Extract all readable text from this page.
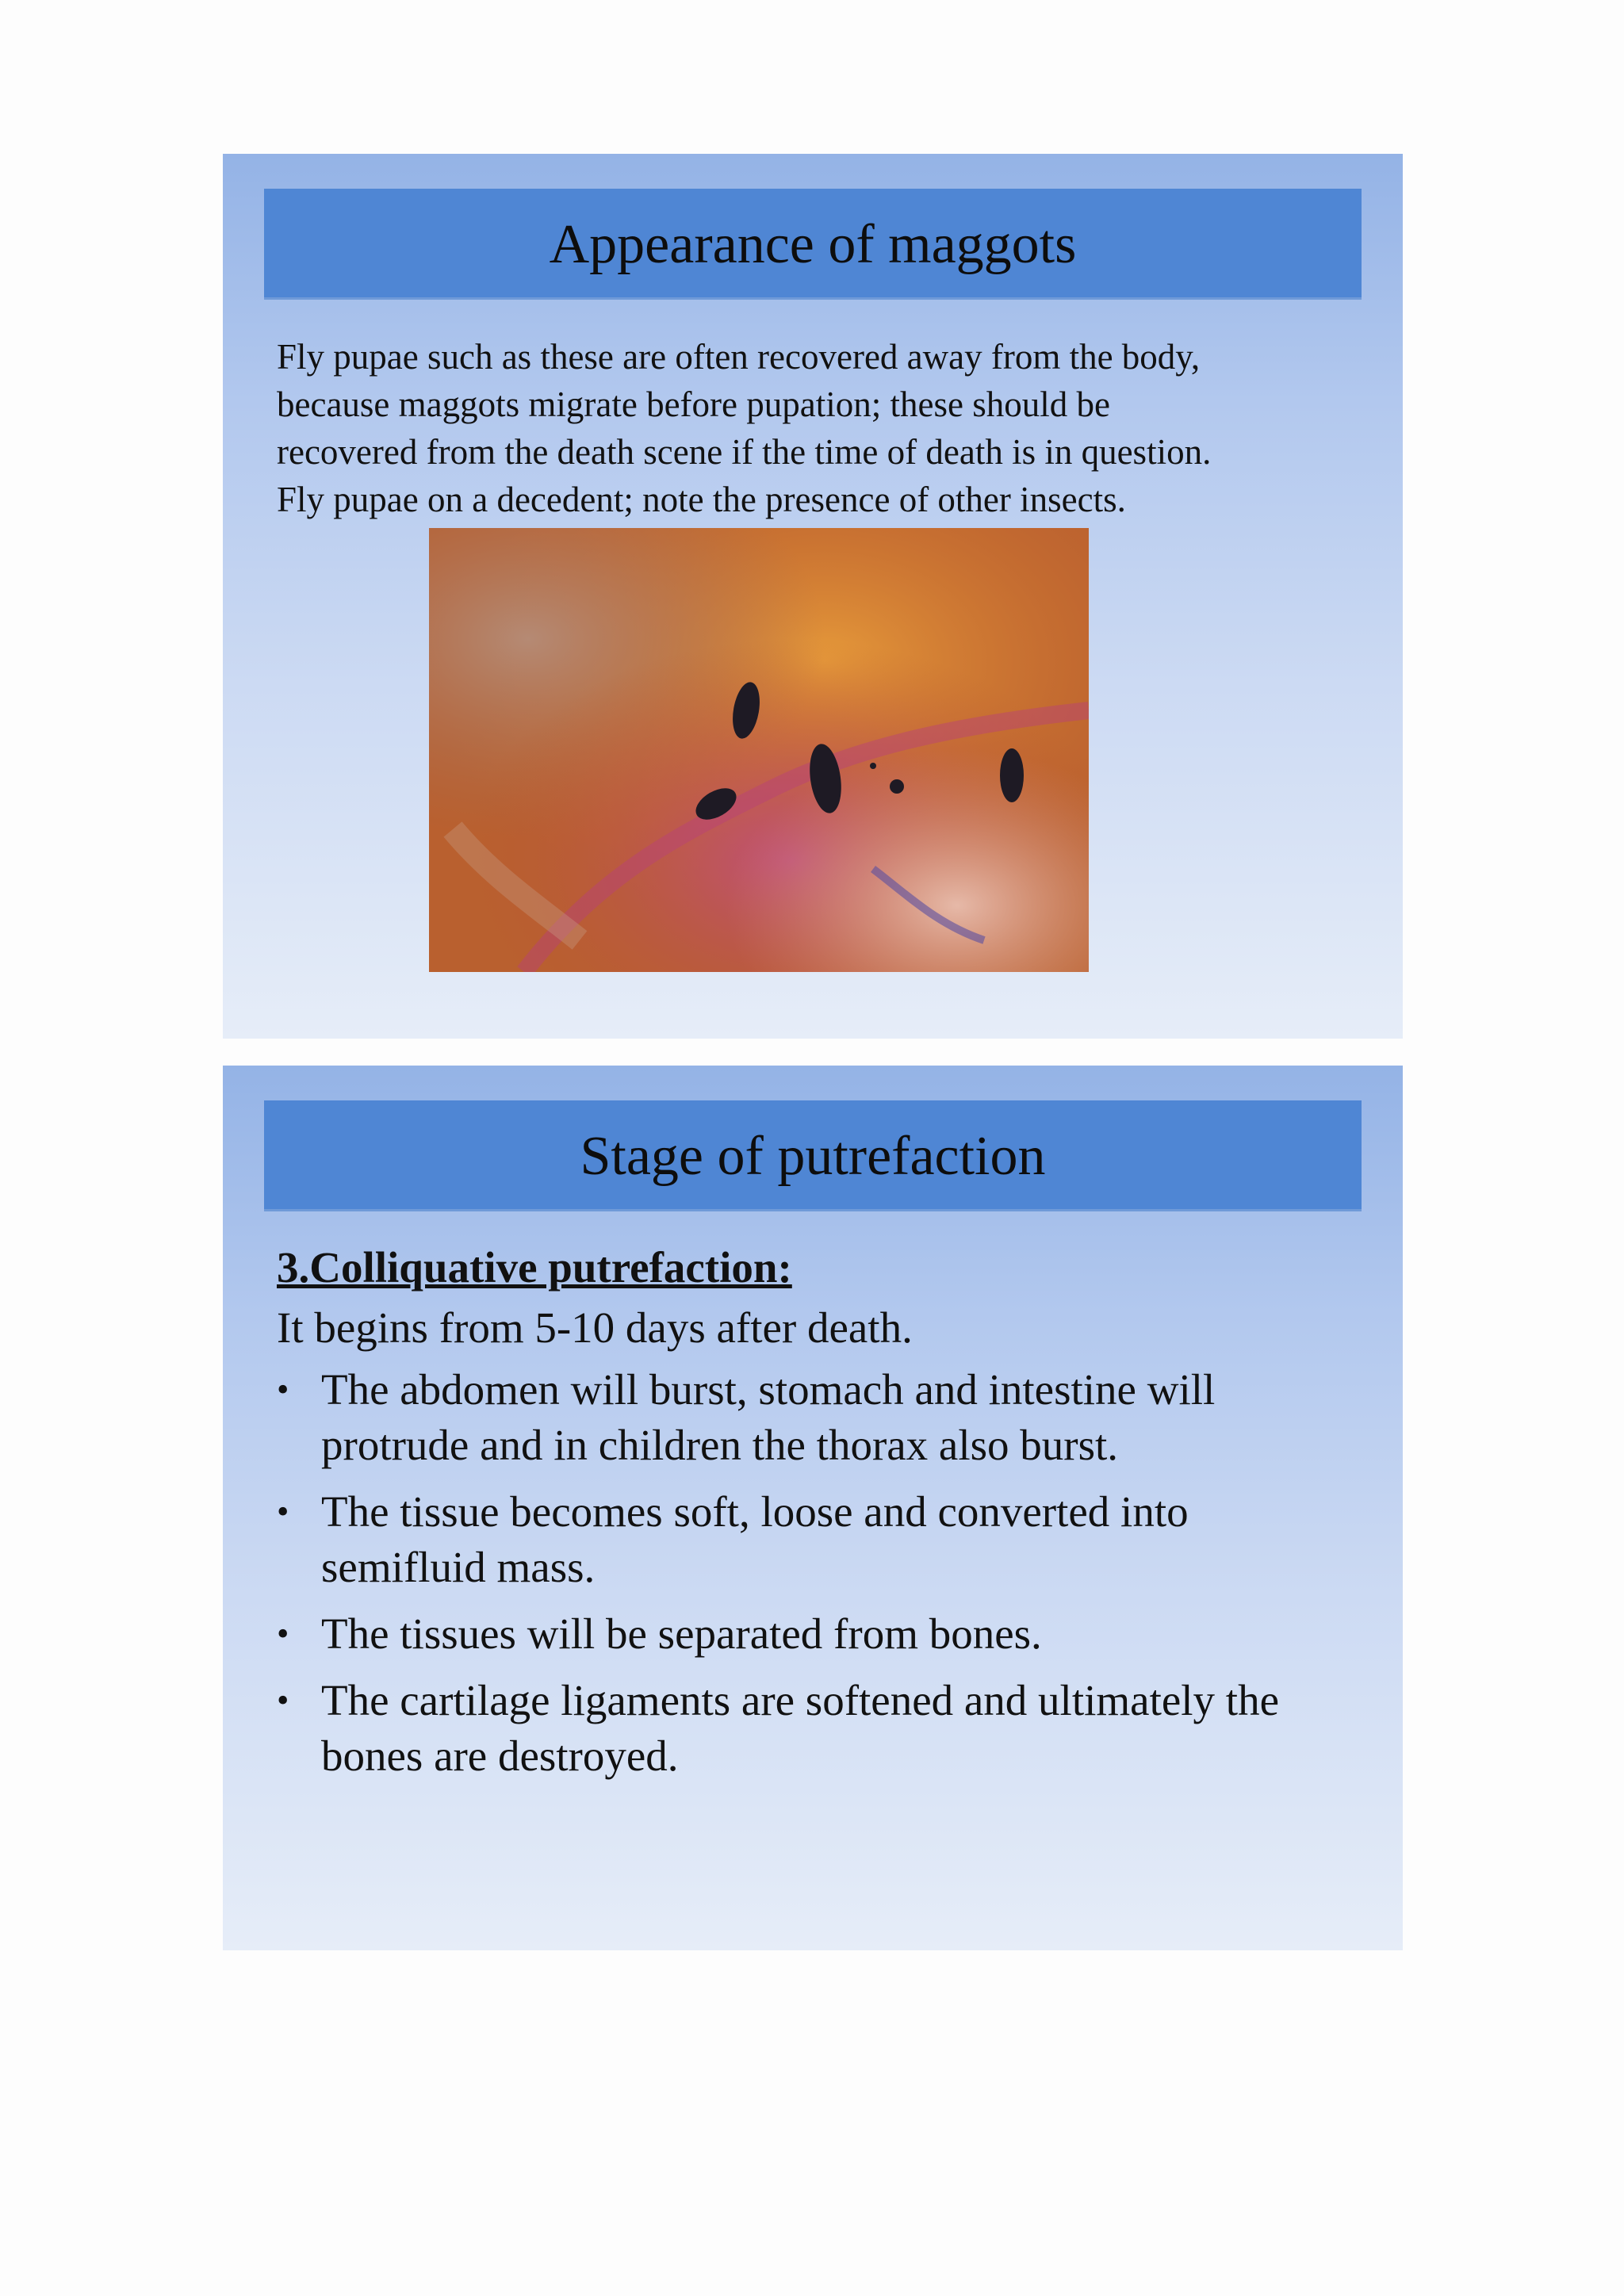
Appearance of maggots

Fly pupae such as these are often recovered away from the body,

because maggots migrate before pupation; these should be

recovered from the death scene if the time of death is in question.

Fly pupae on a decedent; note the presence of other insects.

Stage of putrefaction

3.Colliquative putrefaction:

It begins from 5-10 days after death.

• The abdomen will burst, stomach and intestine will
protrude and in children the thorax also burst.
• The tissue becomes soft, loose and converted into
semifluid mass.
• The tissues will be separated from bones.
• The cartilage ligaments are softened and ultimately the
bones are destroyed.
